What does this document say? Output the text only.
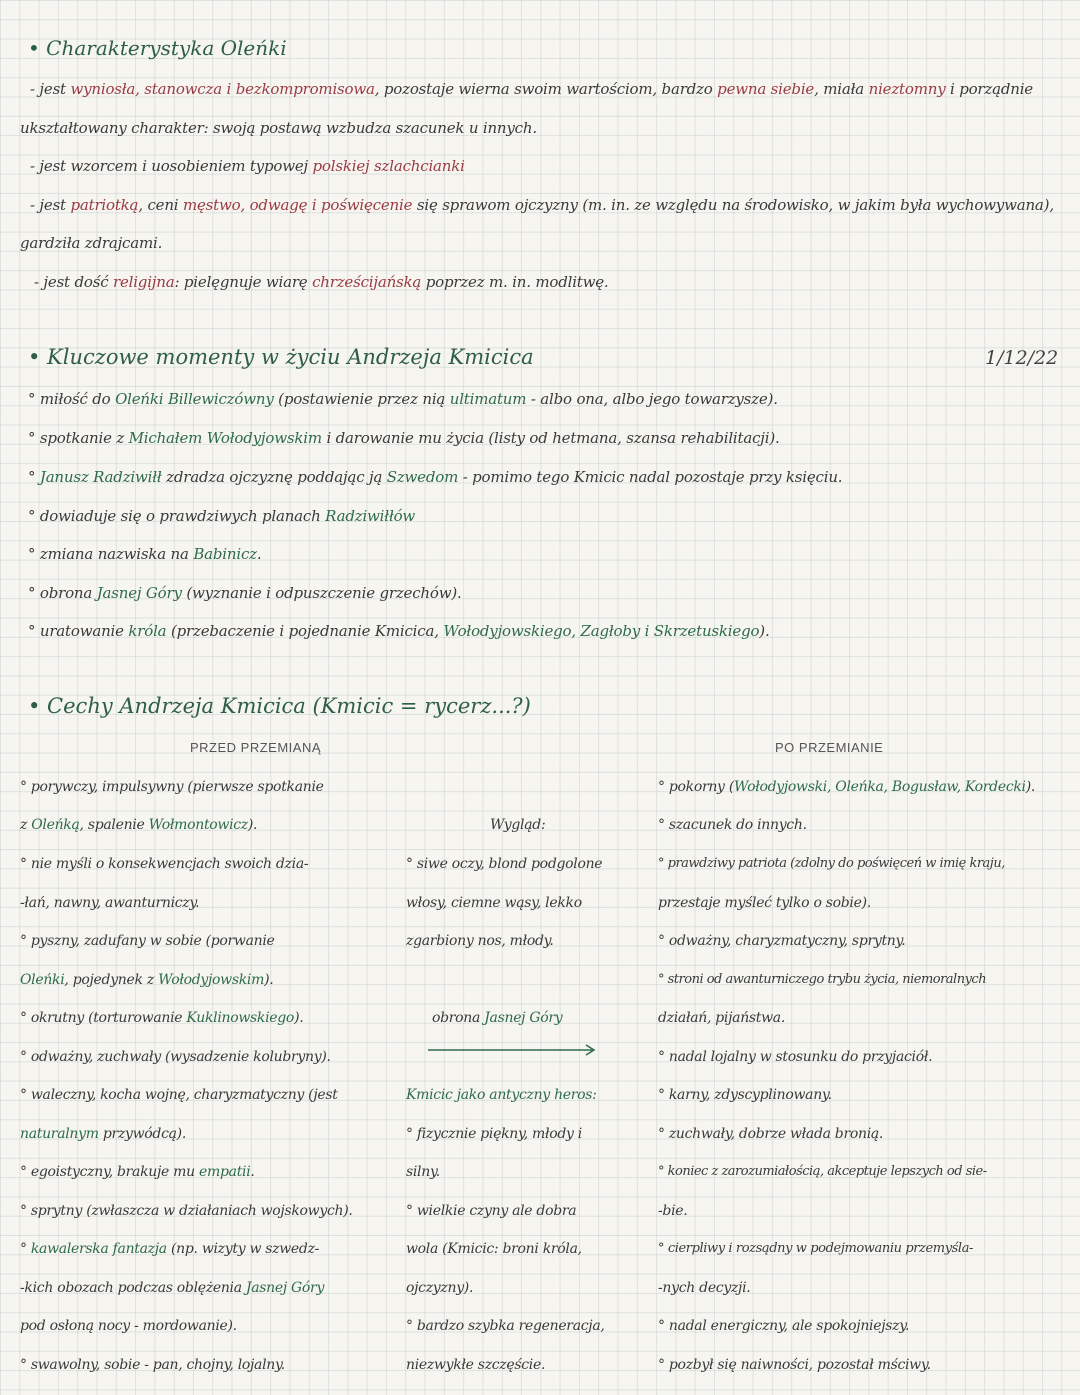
• Charakterystyka Oleńki
- jest wyniosła, stanowcza i bezkompromisowa, pozostaje wierna swoim wartościom, bardzo pewna siebie, miała nieztomny i porządnie
ukształtowany charakter: swoją postawą wzbudza szacunek u innych.
- jest wzorcem i uosobieniem typowej polskiej szlachcianki
- jest patriotką, ceni męstwo, odwagę i poświęcenie się sprawom ojczyzny (m. in. ze względu na środowisko, w jakim była wychowywana),
gardziła zdrajcami.
- jest dość religijna: pielęgnuje wiarę chrześcijańską poprzez m. in. modlitwę.
• Kluczowe momenty w życiu Andrzeja Kmicica	1/12/22
° miłość do Oleńki Billewiczówny (postawienie przez nią ultimatum - albo ona, albo jego towarzysze).
° spotkanie z Michałem Wołodyjowskim i darowanie mu życia (listy od hetmana, szansa rehabilitacji).
° Janusz Radziwiłł zdradza ojczyznę poddając ją Szwedom - pomimo tego Kmicic nadal pozostaje przy księciu.
° dowiaduje się o prawdziwych planach Radziwiłłów
° zmiana nazwiska na Babinicz.
° obrona Jasnej Góry (wyznanie i odpuszczenie grzechów).
° uratowanie króla (przebaczenie i pojednanie Kmicica, Wołodyjowskiego, Zagłoby i Skrzetuskiego).
• Cechy Andrzeja Kmicica (Kmicic = rycerz...?)
PRZED PRZEMIANĄ	PO PRZEMIANIE
° porywczy, impulsywny (pierwsze spotkanie
z Oleńką, spalenie Wołmontowicz).
° nie myśli o konsekwencjach swoich dzia-
-łań, nawny, awanturniczy.
° pyszny, zadufany w sobie (porwanie
Oleńki, pojedynek z Wołodyjowskim).
° okrutny (torturowanie Kuklinowskiego).
° odważny, zuchwały (wysadzenie kolubryny).
° waleczny, kocha wojnę, charyzmatyczny (jest
naturalnym przywódcą).
° egoistyczny, brakuje mu empatii.
° sprytny (zwłaszcza w działaniach wojskowych).
° kawalerska fantazja (np. wizyty w szwedz-
-kich obozach podczas oblężenia Jasnej Góry
pod osłoną nocy - mordowanie).
° swawolny, sobie - pan, chojny, lojalny.
Wygląd:
° siwe oczy, blond podgolone
włosy, ciemne wąsy, lekko
zgarbiony nos, młody.
obrona Jasnej Góry
Kmicic jako antyczny heros:
° fizycznie piękny, młody i
silny.
° wielkie czyny ale dobra
wola (Kmicic: broni króla,
ojczyzny).
° bardzo szybka regeneracja,
niezwykłe szczęście.
° pokorny (Wołodyjowski, Oleńka, Bogusław, Kordecki).
° szacunek do innych.
° prawdziwy patriota (zdolny do poświęceń w imię kraju,
przestaje myśleć tylko o sobie).
° odważny, charyzmatyczny, sprytny.
° stroni od awanturniczego trybu życia, niemoralnych
działań, pijaństwa.
° nadal lojalny w stosunku do przyjaciół.
° karny, zdyscyplinowany.
° zuchwały, dobrze włada bronią.
° koniec z zarozumiałością, akceptuje lepszych od sie-
-bie.
° cierpliwy i rozsądny w podejmowaniu przemyśla-
-nych decyzji.
° nadal energiczny, ale spokojniejszy.
° pozbył się naiwności, pozostał mściwy.
